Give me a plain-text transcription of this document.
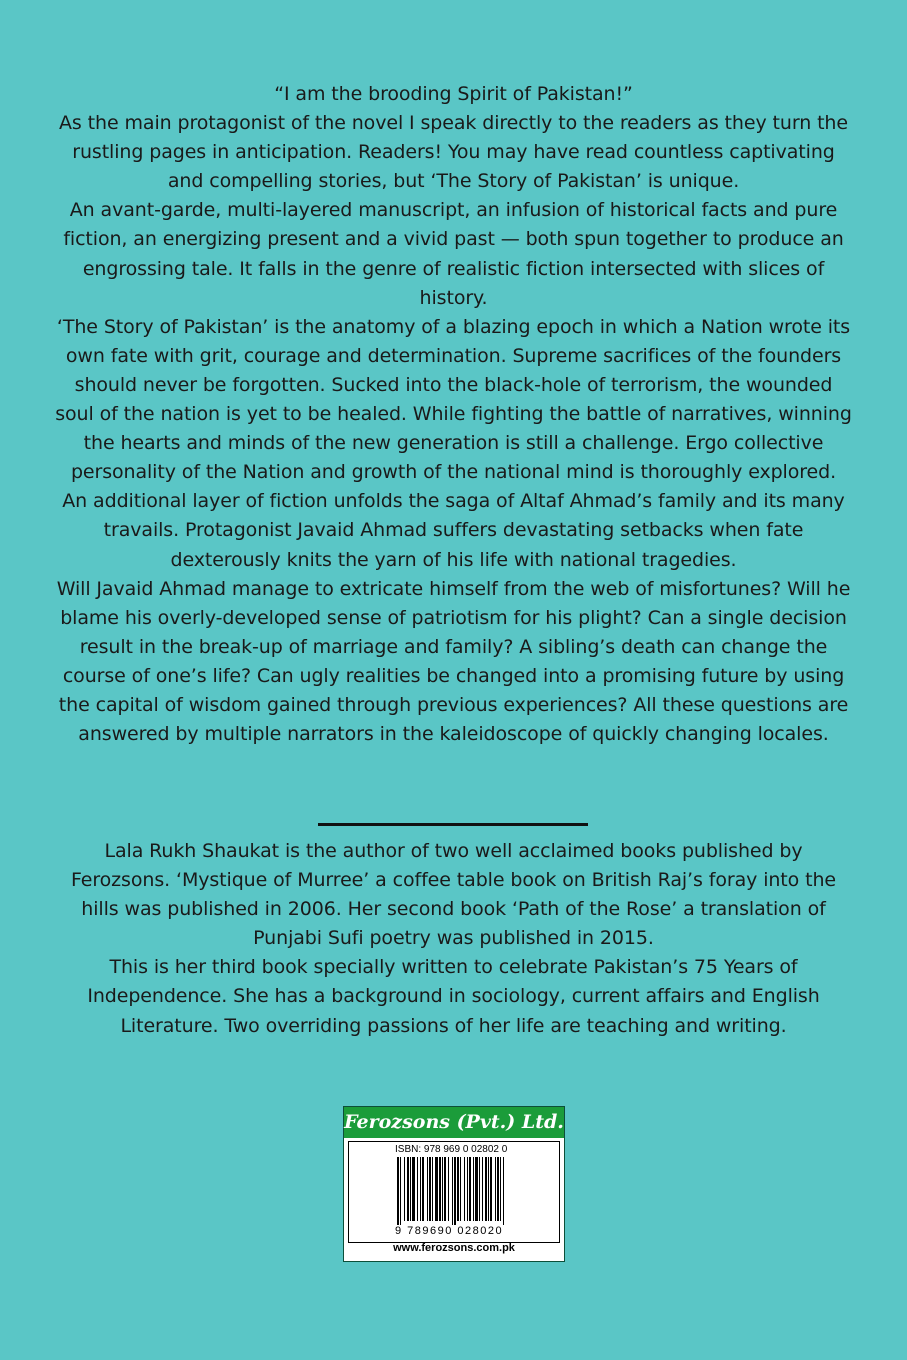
“I am the brooding Spirit of Pakistan!”

As the main protagonist of the novel I speak directly to the readers as they turn the rustling pages in anticipation. Readers! You may have read countless captivating and compelling stories, but ‘The Story of Pakistan’ is unique.

An avant-garde, multi-layered manuscript, an infusion of historical facts and pure fiction, an energizing present and a vivid past — both spun together to produce an engrossing tale. It falls in the genre of realistic fiction intersected with slices of history.

‘The Story of Pakistan’ is the anatomy of a blazing epoch in which a Nation wrote its own fate with grit, courage and determination. Supreme sacrifices of the founders should never be forgotten. Sucked into the black-hole of terrorism, the wounded soul of the nation is yet to be healed. While fighting the battle of narratives, winning the hearts and minds of the new generation is still a challenge. Ergo collective personality of the Nation and growth of the national mind is thoroughly explored.

An additional layer of fiction unfolds the saga of Altaf Ahmad’s family and its many travails. Protagonist Javaid Ahmad suffers devastating setbacks when fate dexterously knits the yarn of his life with national tragedies.

Will Javaid Ahmad manage to extricate himself from the web of misfortunes? Will he blame his overly-developed sense of patriotism for his plight? Can a single decision result in the break-up of marriage and family? A sibling’s death can change the course of one’s life? Can ugly realities be changed into a promising future by using the capital of wisdom gained through previous experiences? All these questions are answered by multiple narrators in the kaleidoscope of quickly changing locales.

Lala Rukh Shaukat is the author of two well acclaimed books published by Ferozsons. ‘Mystique of Murree’ a coffee table book on British Raj’s foray into the hills was published in 2006. Her second book ‘Path of the Rose’ a translation of Punjabi Sufi poetry was published in 2015.

This is her third book specially written to celebrate Pakistan’s 75 Years of Independence. She has a background in sociology, current affairs and English Literature. Two overriding passions of her life are teaching and writing.

Ferozsons (Pvt.) Ltd.
ISBN: 978 969 0 02802 0
9 789690 028020
www.ferozsons.com.pk
